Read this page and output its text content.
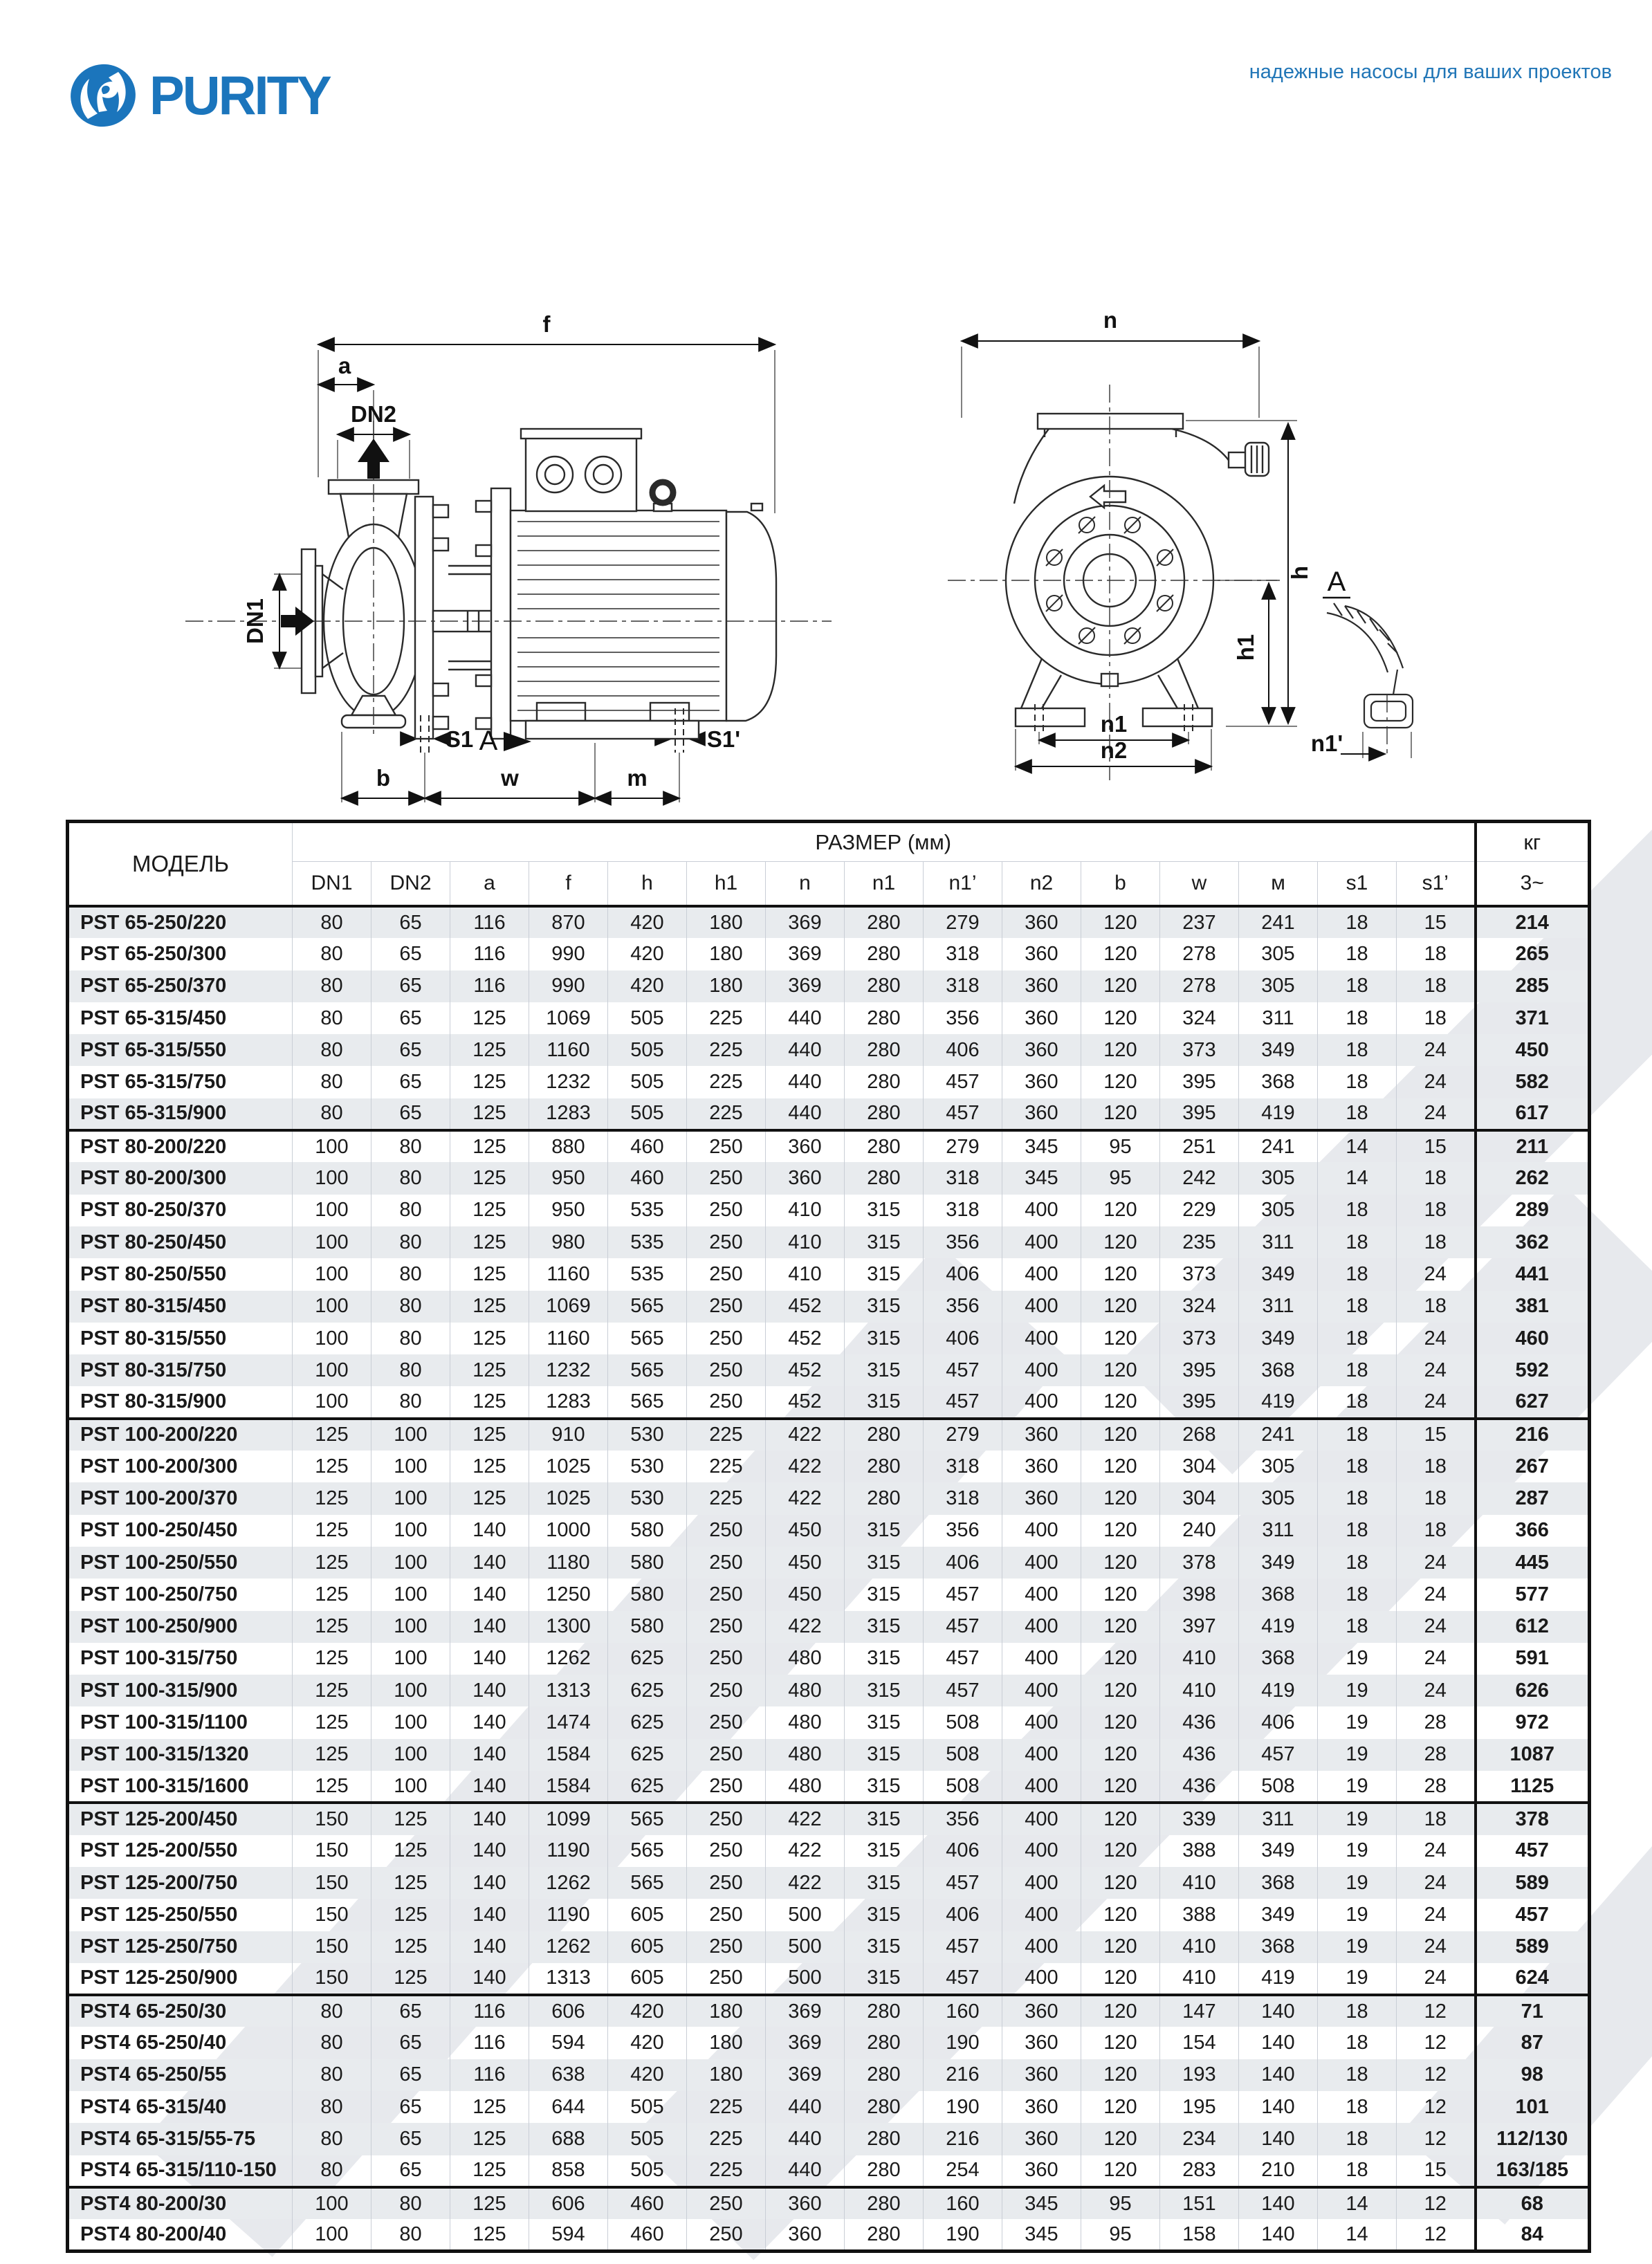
PURITY	надежные насосы для ваших проектов
f
a
DN2
DN1
S1 A	S1'
b	w	m
n
h
h1
n1
n2
A
n1'
МОДЕЛЬ	РАЗМЕР (мм)															кг
	DN1	DN2	a	f	h	h1	n	n1	n1’	n2	b	w	м	s1	s1’	3~
PST 65-250/220	80	65	116	870	420	180	369	280	279	360	120	237	241	18	15	214
PST 65-250/300	80	65	116	990	420	180	369	280	318	360	120	278	305	18	18	265
PST 65-250/370	80	65	116	990	420	180	369	280	318	360	120	278	305	18	18	285
PST 65-315/450	80	65	125	1069	505	225	440	280	356	360	120	324	311	18	18	371
PST 65-315/550	80	65	125	1160	505	225	440	280	406	360	120	373	349	18	24	450
PST 65-315/750	80	65	125	1232	505	225	440	280	457	360	120	395	368	18	24	582
PST 65-315/900	80	65	125	1283	505	225	440	280	457	360	120	395	419	18	24	617
PST 80-200/220	100	80	125	880	460	250	360	280	279	345	95	251	241	14	15	211
PST 80-200/300	100	80	125	950	460	250	360	280	318	345	95	242	305	14	18	262
PST 80-250/370	100	80	125	950	535	250	410	315	318	400	120	229	305	18	18	289
PST 80-250/450	100	80	125	980	535	250	410	315	356	400	120	235	311	18	18	362
PST 80-250/550	100	80	125	1160	535	250	410	315	406	400	120	373	349	18	24	441
PST 80-315/450	100	80	125	1069	565	250	452	315	356	400	120	324	311	18	18	381
PST 80-315/550	100	80	125	1160	565	250	452	315	406	400	120	373	349	18	24	460
PST 80-315/750	100	80	125	1232	565	250	452	315	457	400	120	395	368	18	24	592
PST 80-315/900	100	80	125	1283	565	250	452	315	457	400	120	395	419	18	24	627
PST 100-200/220	125	100	125	910	530	225	422	280	279	360	120	268	241	18	15	216
PST 100-200/300	125	100	125	1025	530	225	422	280	318	360	120	304	305	18	18	267
PST 100-200/370	125	100	125	1025	530	225	422	280	318	360	120	304	305	18	18	287
PST 100-250/450	125	100	140	1000	580	250	450	315	356	400	120	240	311	18	18	366
PST 100-250/550	125	100	140	1180	580	250	450	315	406	400	120	378	349	18	24	445
PST 100-250/750	125	100	140	1250	580	250	450	315	457	400	120	398	368	18	24	577
PST 100-250/900	125	100	140	1300	580	250	422	315	457	400	120	397	419	18	24	612
PST 100-315/750	125	100	140	1262	625	250	480	315	457	400	120	410	368	19	24	591
PST 100-315/900	125	100	140	1313	625	250	480	315	457	400	120	410	419	19	24	626
PST 100-315/1100	125	100	140	1474	625	250	480	315	508	400	120	436	406	19	28	972
PST 100-315/1320	125	100	140	1584	625	250	480	315	508	400	120	436	457	19	28	1087
PST 100-315/1600	125	100	140	1584	625	250	480	315	508	400	120	436	508	19	28	1125
PST 125-200/450	150	125	140	1099	565	250	422	315	356	400	120	339	311	19	18	378
PST 125-200/550	150	125	140	1190	565	250	422	315	406	400	120	388	349	19	24	457
PST 125-200/750	150	125	140	1262	565	250	422	315	457	400	120	410	368	19	24	589
PST 125-250/550	150	125	140	1190	605	250	500	315	406	400	120	388	349	19	24	457
PST 125-250/750	150	125	140	1262	605	250	500	315	457	400	120	410	368	19	24	589
PST 125-250/900	150	125	140	1313	605	250	500	315	457	400	120	410	419	19	24	624
PST4 65-250/30	80	65	116	606	420	180	369	280	160	360	120	147	140	18	12	71
PST4 65-250/40	80	65	116	594	420	180	369	280	190	360	120	154	140	18	12	87
PST4 65-250/55	80	65	116	638	420	180	369	280	216	360	120	193	140	18	12	98
PST4 65-315/40	80	65	125	644	505	225	440	280	190	360	120	195	140	18	12	101
PST4 65-315/55-75	80	65	125	688	505	225	440	280	216	360	120	234	140	18	12	112/130
PST4 65-315/110-150	80	65	125	858	505	225	440	280	254	360	120	283	210	18	15	163/185
PST4 80-200/30	100	80	125	606	460	250	360	280	160	345	95	151	140	14	12	68
PST4 80-200/40	100	80	125	594	460	250	360	280	190	345	95	158	140	14	12	84
